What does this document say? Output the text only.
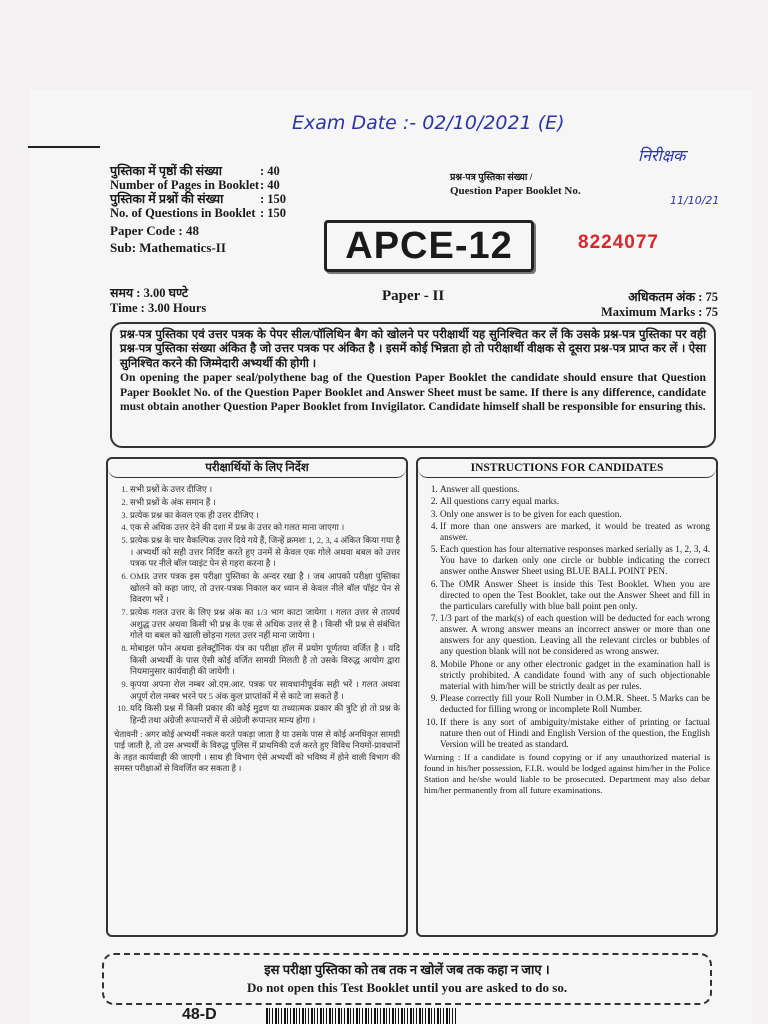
Exam Date :- 02/10/2021 (E)
निरीक्षक
11/10/21
पुस्तिका में पृष्ठों की संख्या	: 40
Number of Pages in Booklet : 40
पुस्तिका में प्रश्नों की संख्या	: 150
No. of Questions in Booklet : 150
Paper Code : 48
Sub: Mathematics-II
प्रश्न-पत्र पुस्तिका संख्या /
Question Paper Booklet No.
APCE-12	8224077
समय : 3.00 घण्टे
Time : 3.00 Hours
Paper - II	अधिकतम अंक : 75
Maximum Marks : 75
प्रश्न-पत्र पुस्तिका एवं उत्तर पत्रक के पेपर सील/पॉलिथिन बैग को खोलने पर परीक्षार्थी यह सुनिश्चित कर लें कि उसके प्रश्न-पत्र पुस्तिका पर वही प्रश्न-पत्र पुस्तिका संख्या अंकित है जो उत्तर पत्रक पर अंकित है । इसमें कोई भिन्नता हो तो परीक्षार्थी वीक्षक से दूसरा प्रश्न-पत्र प्राप्त कर लें । ऐसा सुनिश्चित करने की जिम्मेदारी अभ्यर्थी की होगी ।
On opening the paper seal/polythene bag of the Question Paper Booklet the candidate should ensure that Question Paper Booklet No. of the Question Paper Booklet and Answer Sheet must be same. If there is any difference, candidate must obtain another Question Paper Booklet from Invigilator. Candidate himself shall be responsible for ensuring this.
परीक्षार्थियों के लिए निर्देश
1. सभी प्रश्नों के उत्तर दीजिए ।
2. सभी प्रश्नों के अंक समान हैं ।
3. प्रत्येक प्रश्न का केवल एक ही उत्तर दीजिए ।
4. एक से अधिक उत्तर देने की दशा में प्रश्न के उत्तर को गलत माना जाएगा ।
5. प्रत्येक प्रश्न के चार वैकल्पिक उत्तर दिये गये हैं, जिन्हें क्रमशः 1, 2, 3, 4 अंकित किया गया है । अभ्यर्थी को सही उत्तर निर्दिष्ट करते हुए उनमें से केवल एक गोले अथवा बबल को उत्तर पत्रक पर नीले बॉल प्वाइंट पेन से गहरा करना है ।
6. OMR उत्तर पत्रक इस परीक्षा पुस्तिका के अन्दर रखा है । जब आपको परीक्षा पुस्तिका खोलने को कहा जाए, तो उत्तर-पत्रक निकाल कर ध्यान से केवल नीले बॉल पॉइंट पेन से विवरण भरें ।
7. प्रत्येक गलत उत्तर के लिए प्रश्न अंक का 1/3 भाग काटा जायेगा । गलत उत्तर से तात्पर्य अशुद्ध उत्तर अथवा किसी भी प्रश्न के एक से अधिक उत्तर से है । किसी भी प्रश्न से संबंधित गोले या बबल को खाली छोड़ना गलत उत्तर नहीं माना जायेगा ।
8. मोबाइल फोन अथवा इलेक्ट्रॉनिक यंत्र का परीक्षा हॉल में प्रयोग पूर्णतया वर्जित है । यदि किसी अभ्यर्थी के पास ऐसी कोई वर्जित सामग्री मिलती है तो उसके विरुद्ध आयोग द्वारा नियमानुसार कार्यवाही की जायेगी ।
9. कृपया अपना रोल नम्बर ओ.एम.आर. पत्रक पर सावधानीपूर्वक सही भरें । गलत अथवा अपूर्ण रोल नम्बर भरने पर 5 अंक कुल प्राप्तांकों में से काटे जा सकते हैं ।
10. यदि किसी प्रश्न में किसी प्रकार की कोई मुद्रण या तथ्यात्मक प्रकार की त्रुटि हो तो प्रश्न के हिन्दी तथा अंग्रेजी रूपान्तरों में से अंग्रेजी रूपान्तर मान्य होगा ।
चेतावनी : अगर कोई अभ्यर्थी नकल करते पकड़ा जाता है या उसके पास से कोई अनधिकृत सामग्री पाई जाती है, तो उस अभ्यर्थी के विरुद्ध पुलिस में प्राथमिकी दर्ज करते हुए विविध नियमों-प्रावधानों के तहत कार्यवाही की जाएगी । साथ ही विभाग ऐसे अभ्यर्थी को भविष्य में होने वाली विभाग की समस्त परीक्षाओं से विवर्जित कर सकता है ।
INSTRUCTIONS FOR CANDIDATES
1. Answer all questions.
2. All questions carry equal marks.
3. Only one answer is to be given for each question.
4. If more than one answers are marked, it would be treated as wrong answer.
5. Each question has four alternative responses marked serially as 1, 2, 3, 4. You have to darken only one circle or bubble indicating the correct answer onthe Answer Sheet using BLUE BALL POINT PEN.
6. The OMR Answer Sheet is inside this Test Booklet. When you are directed to open the Test Booklet, take out the Answer Sheet and fill in the particulars carefully with blue ball point pen only.
7. 1/3 part of the mark(s) of each question will be deducted for each wrong answer. A wrong answer means an incorrect answer or more than one answers for any question. Leaving all the relevant circles or bubbles of any question blank will not be considered as wrong answer.
8. Mobile Phone or any other electronic gadget in the examination hall is strictly prohibited. A candidate found with any of such objectionable material with him/her will be strictly dealt as per rules.
9. Please correctly fill your Roll Number in O.M.R. Sheet. 5 Marks can be deducted for filling wrong or incomplete Roll Number.
10. If there is any sort of ambiguity/mistake either of printing or factual nature then out of Hindi and English Version of the question, the English Version will be treated as standard.
Warning : If a candidate is found copying or if any unauthorized material is found in his/her possession, F.I.R. would be lodged against him/her in the Police Station and he/she would liable to be prosecuted. Department may also debar him/her permanently from all future examinations.
इस परीक्षा पुस्तिका को तब तक न खोलें जब तक कहा न जाए ।
Do not open this Test Booklet until you are asked to do so.
48-D
